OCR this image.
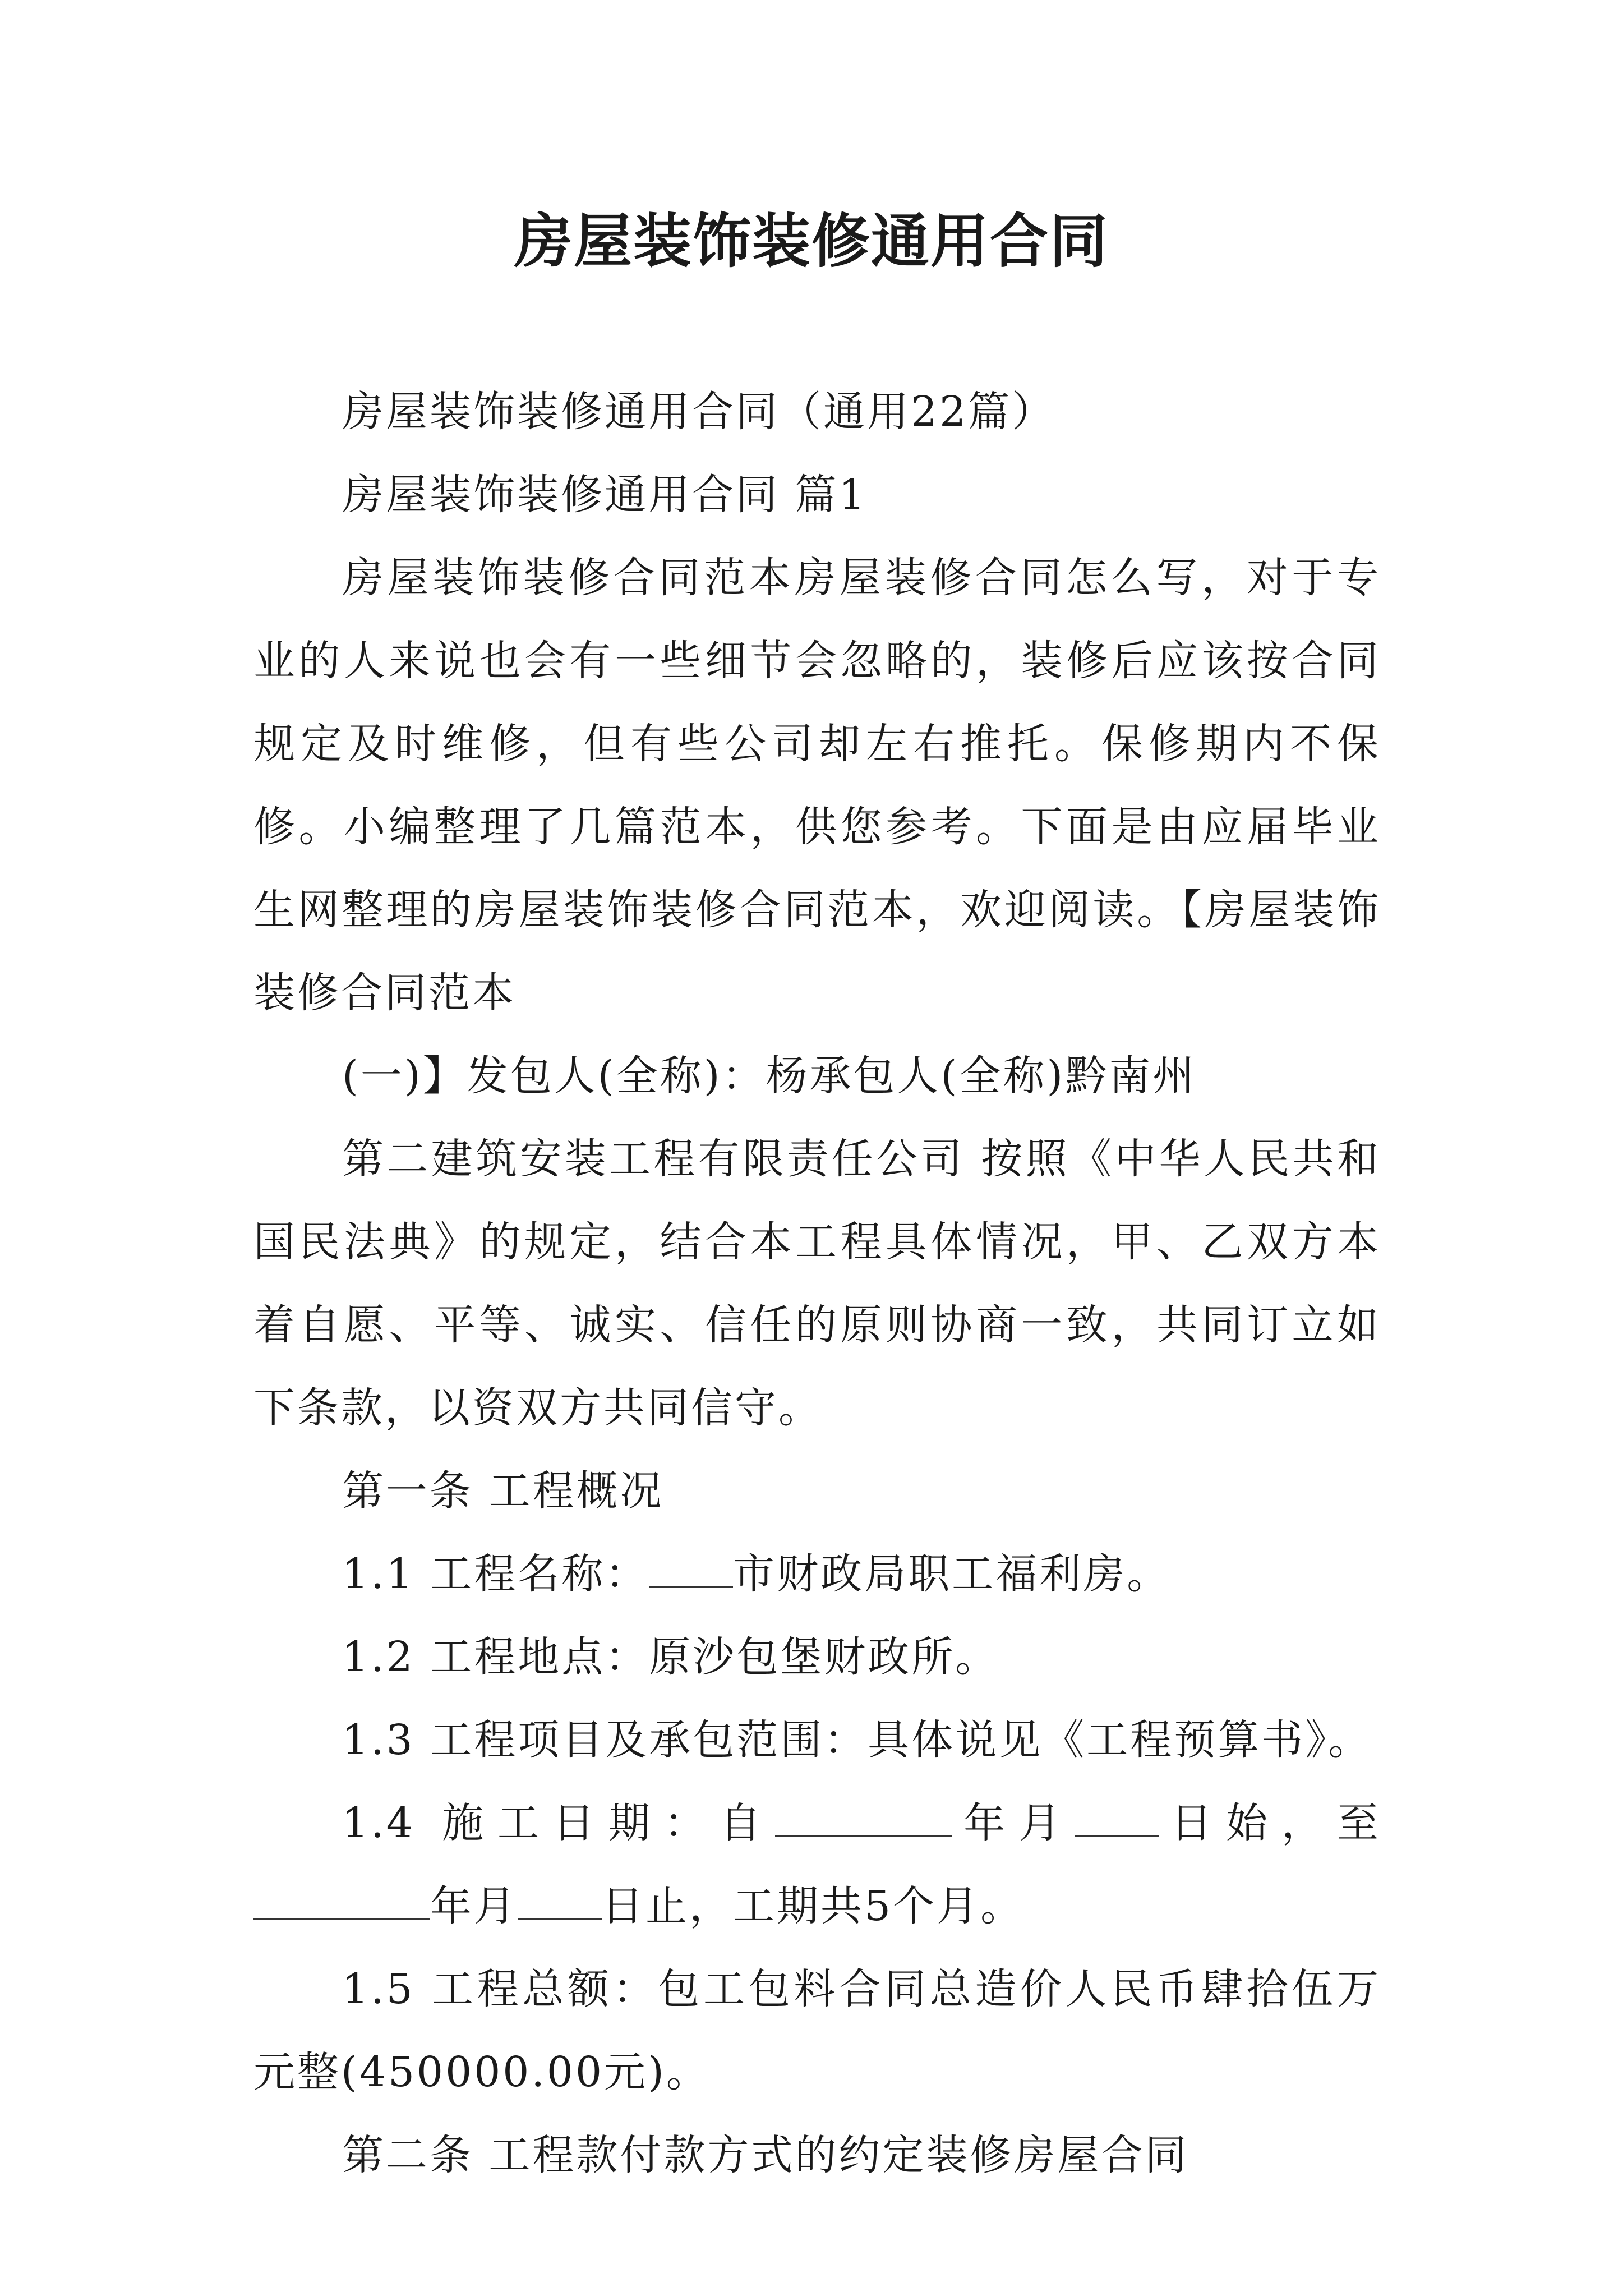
房屋装饰装修通用合同

房屋装饰装修通用合同（通用22篇）

房屋装饰装修通用合同 篇1

房屋装饰装修合同范本房屋装修合同怎么写，对于专业的人来说也会有一些细节会忽略的，装修后应该按合同规定及时维修，但有些公司却左右推托。保修期内不保修。小编整理了几篇范本，供您参考。下面是由应届毕业生网整理的房屋装饰装修合同范本，欢迎阅读。【房屋装饰装修合同范本

(一)】发包人(全称)：杨承包人(全称)黔南州

第二建筑安装工程有限责任公司 按照《中华人民共和国民法典》的规定，结合本工程具体情况，甲、乙双方本着自愿、平等、诚实、信任的原则协商一致，共同订立如下条款，以资双方共同信守。

第一条 工程概况

1.1 工程名称： 市财政局职工福利房。

1.2 工程地点：原沙包堡财政所。

1.3 工程项目及承包范围：具体说见《工程预算书》。

1.4 施工日期：自	年月 日始，至年月 日止，工期共5个月。

1.5 工程总额：包工包料合同总造价人民币肆拾伍万元整(450000.00元)。

第二条 工程款付款方式的约定装修房屋合同
